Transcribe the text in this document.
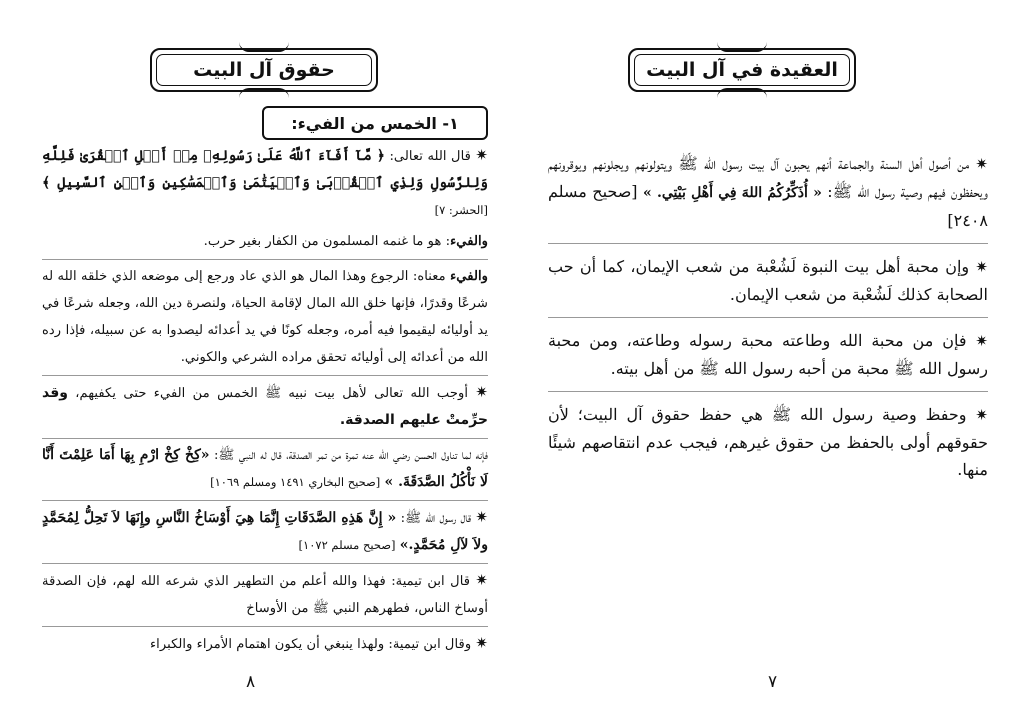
حقوق آل البيت
١- الخمس من الفيء:

✷ قال الله تعالى: ﴿ مَّآ أَفَآءَ ٱللَّهُ عَلَىٰ رَسُولِهِۦ مِنۡ أَهۡلِ ٱلۡقُرَىٰ فَلِلَّهِ وَلِلرَّسُولِ وَلِذِي ٱلۡقُرۡبَىٰ وَٱلۡيَتَٰمَىٰ وَٱلۡمَسَٰكِينِ وَٱبۡنِ ٱلسَّبِيلِ ﴾ [الحشر: ٧]

والفيء: هو ما غنمه المسلمون من الكفار بغير حرب.

والفيء معناه: الرجوع وهذا المال هو الذي عاد ورجع إلى موضعه الذي خلقه الله له شرعًا وقدرًا، فإنها خلق الله المال لإقامة الحياة، ولنصرة دين الله، وجعله شرعًا في يد أوليائه ليقيموا فيه أمره، وجعله كونًا في يد أعدائه ليصدوا به عن سبيله، فإذا رده الله من أعدائه إلى أوليائه تحقق مراده الشرعي والكوني.

✷ أوجب الله تعالى لأهل بيت نبيه ﷺ الخمس من الفيء حتى يكفيهم، وقد حرِّمتْ عليهم الصدقة.

فإنه لما تناول الحسن رضي الله عنه تمرة من تمر الصدقة، قال له النبي ﷺ: «كِخْ كِخْ ارْمِ بِهَا أَمَا عَلِمْتَ أَنَّا لَا نَأْكُلُ الصَّدَقَةَ. » [صحيح البخاري ١٤٩١ ومسلم ١٠٦٩]

✷ قال رسول الله ﷺ: « إِنَّ هَذِهِ الصَّدَقَاتِ إِنَّمَا هِيَ أَوْسَاخُ النَّاسِ وإِنَهَا لاَ تَحِلُّ لِمُحَمَّدٍ ولاَ لآلِ مُحَمَّدٍ.» [صحيح مسلم ١٠٧٢]

✷ قال ابن تيمية: فهذا والله أعلم من التطهير الذي شرعه الله لهم، فإن الصدقة أوساخ الناس، فطهرهم النبي ﷺ من الأوساخ

✷ وقال ابن تيمية: ولهذا ينبغي أن يكون اهتمام الأمراء والكبراء

٨
العقيدة في آل البيت

✷ من أصول أهل السنة والجماعة أنهم يحبون آل بيت رسول الله ﷺ ويتولونهم ويجلونهم ويوقرونهم ويحفظون فيهم وصية رسول الله ﷺ: « أُذَكِّرُكُمُ اللهَ فِي أَهْلِ بَيْتِي. » [صحيح مسلم ٢٤٠٨]

✷ وإن محبة أهل بيت النبوة لَشُعْبة من شعب الإيمان، كما أن حب الصحابة كذلك لَشُعْبة من شعب الإيمان.

✷ فإن من محبة الله وطاعته محبة رسوله وطاعته، ومن محبة رسول الله ﷺ محبة من أحبه رسول الله ﷺ من أهل بيته.

✷ وحفظ وصية رسول الله ﷺ هي حفظ حقوق آل البيت؛ لأن حقوقهم أولى بالحفظ من حقوق غيرهم، فيجب عدم انتقاصهم شيئًا منها.

٧
